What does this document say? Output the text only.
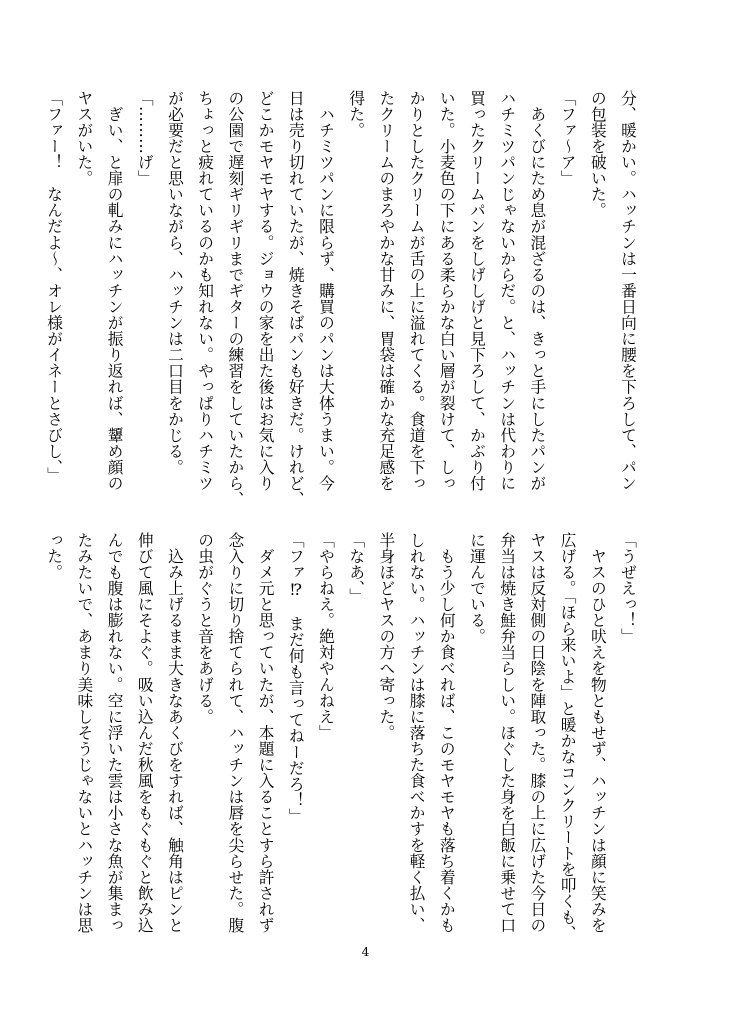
分、暖かい。ハッチンは一番日向に腰を下ろして、パン
の包装を破いた。
「ファ〜ア」
　あくびにため息が混ざるのは、きっと手にしたパンが
ハチミツパンじゃないからだ。と、ハッチンは代わりに
買ったクリームパンをしげしげと見下ろして、かぶり付
いた。小麦色の下にある柔らかな白い層が裂けて、しっ
かりとしたクリームが舌の上に溢れてくる。食道を下っ
たクリームのまろやかな甘みに、胃袋は確かな充足感を
得た。
　ハチミツパンに限らず、購買のパンは大体うまい。今
日は売り切れていたが、焼きそばパンも好きだ。けれど、
どこかモヤモヤする。ジョウの家を出た後はお気に入り
の公園で遅刻ギリギリまでギターの練習をしていたから、
ちょっと疲れているのかも知れない。やっぱりハチミツ
が必要だと思いながら、ハッチンは二口目をかじる。
「………げ」
　ぎい、と扉の軋みにハッチンが振り返れば、顰め顔の
ヤスがいた。
「ファー！　なんだよ〜、オレ様がイネーとさびし、」
「うぜえっ！」
　ヤスのひと吠えを物ともせず、ハッチンは顔に笑みを
広げる。「ほら来いよ」と暖かなコンクリートを叩くも、
ヤスは反対側の日陰を陣取った。膝の上に広げた今日の
弁当は焼き鮭弁当らしい。ほぐした身を白飯に乗せて口
に運んでいる。
　もう少し何か食べれば、このモヤモヤも落ち着くかも
しれない。ハッチンは膝に落ちた食べかすを軽く払い、
半身ほどヤスの方へ寄った。
「なあ、」
「やらねえ。絶対やんねえ」
「ファ⁉　まだ何も言ってねーだろ！」
　ダメ元と思っていたが、本題に入ることすら許されず
念入りに切り捨てられて、ハッチンは唇を尖らせた。腹
の虫がぐうと音をあげる。
　込み上げるまま大きなあくびをすれば、触角はピンと
伸びて風にそよぐ。吸い込んだ秋風をもぐもぐと飲み込
んでも腹は膨れない。空に浮いた雲は小さな魚が集まっ
たみたいで、あまり美味しそうじゃないとハッチンは思
った。
4
